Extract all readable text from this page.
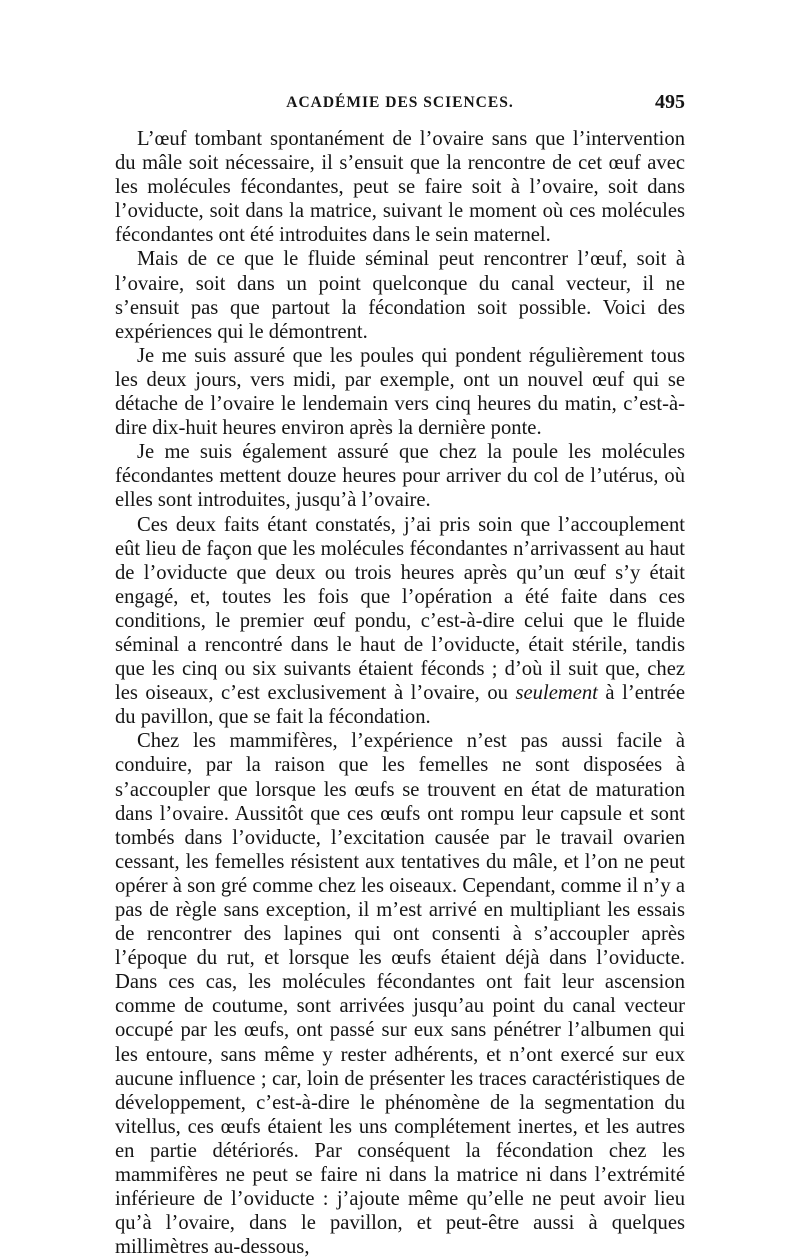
ACADÉMIE DES SCIENCES.	495

L’œuf tombant spontanément de l’ovaire sans que l’intervention du mâle soit nécessaire, il s’ensuit que la rencontre de cet œuf avec les molécules fécondantes, peut se faire soit à l’ovaire, soit dans l’oviducte, soit dans la matrice, suivant le moment où ces molécules fécondantes ont été introduites dans le sein maternel.

Mais de ce que le fluide séminal peut rencontrer l’œuf, soit à l’ovaire, soit dans un point quelconque du canal vecteur, il ne s’ensuit pas que partout la fécondation soit possible. Voici des expériences qui le démontrent.

Je me suis assuré que les poules qui pondent régulièrement tous les deux jours, vers midi, par exemple, ont un nouvel œuf qui se détache de l’ovaire le lendemain vers cinq heures du matin, c’est-à-dire dix-huit heures environ après la dernière ponte.

Je me suis également assuré que chez la poule les molécules fécondantes mettent douze heures pour arriver du col de l’utérus, où elles sont introduites, jusqu’à l’ovaire.

Ces deux faits étant constatés, j’ai pris soin que l’accouplement eût lieu de façon que les molécules fécondantes n’arrivassent au haut de l’oviducte que deux ou trois heures après qu’un œuf s’y était engagé, et, toutes les fois que l’opération a été faite dans ces conditions, le premier œuf pondu, c’est-à-dire celui que le fluide séminal a rencontré dans le haut de l’oviducte, était stérile, tandis que les cinq ou six suivants étaient féconds ; d’où il suit que, chez les oiseaux, c’est exclusivement à l’ovaire, ou seulement à l’entrée du pavillon, que se fait la fécondation.

Chez les mammifères, l’expérience n’est pas aussi facile à conduire, par la raison que les femelles ne sont disposées à s’accoupler que lorsque les œufs se trouvent en état de maturation dans l’ovaire. Aussitôt que ces œufs ont rompu leur capsule et sont tombés dans l’oviducte, l’excitation causée par le travail ovarien cessant, les femelles résistent aux tentatives du mâle, et l’on ne peut opérer à son gré comme chez les oiseaux. Cependant, comme il n’y a pas de règle sans exception, il m’est arrivé en multipliant les essais de rencontrer des lapines qui ont consenti à s’accoupler après l’époque du rut, et lorsque les œufs étaient déjà dans l’oviducte. Dans ces cas, les molécules fécondantes ont fait leur ascension comme de coutume, sont arrivées jusqu’au point du canal vecteur occupé par les œufs, ont passé sur eux sans pénétrer l’albumen qui les entoure, sans même y rester adhérents, et n’ont exercé sur eux aucune influence ; car, loin de présenter les traces caractéristiques de développement, c’est-à-dire le phénomène de la segmentation du vitellus, ces œufs étaient les uns complétement inertes, et les autres en partie détériorés. Par conséquent la fécondation chez les mammifères ne peut se faire ni dans la matrice ni dans l’extrémité inférieure de l’oviducte : j’ajoute même qu’elle ne peut avoir lieu qu’à l’ovaire, dans le pavillon, et peut-être aussi à quelques millimètres au-dessous,
